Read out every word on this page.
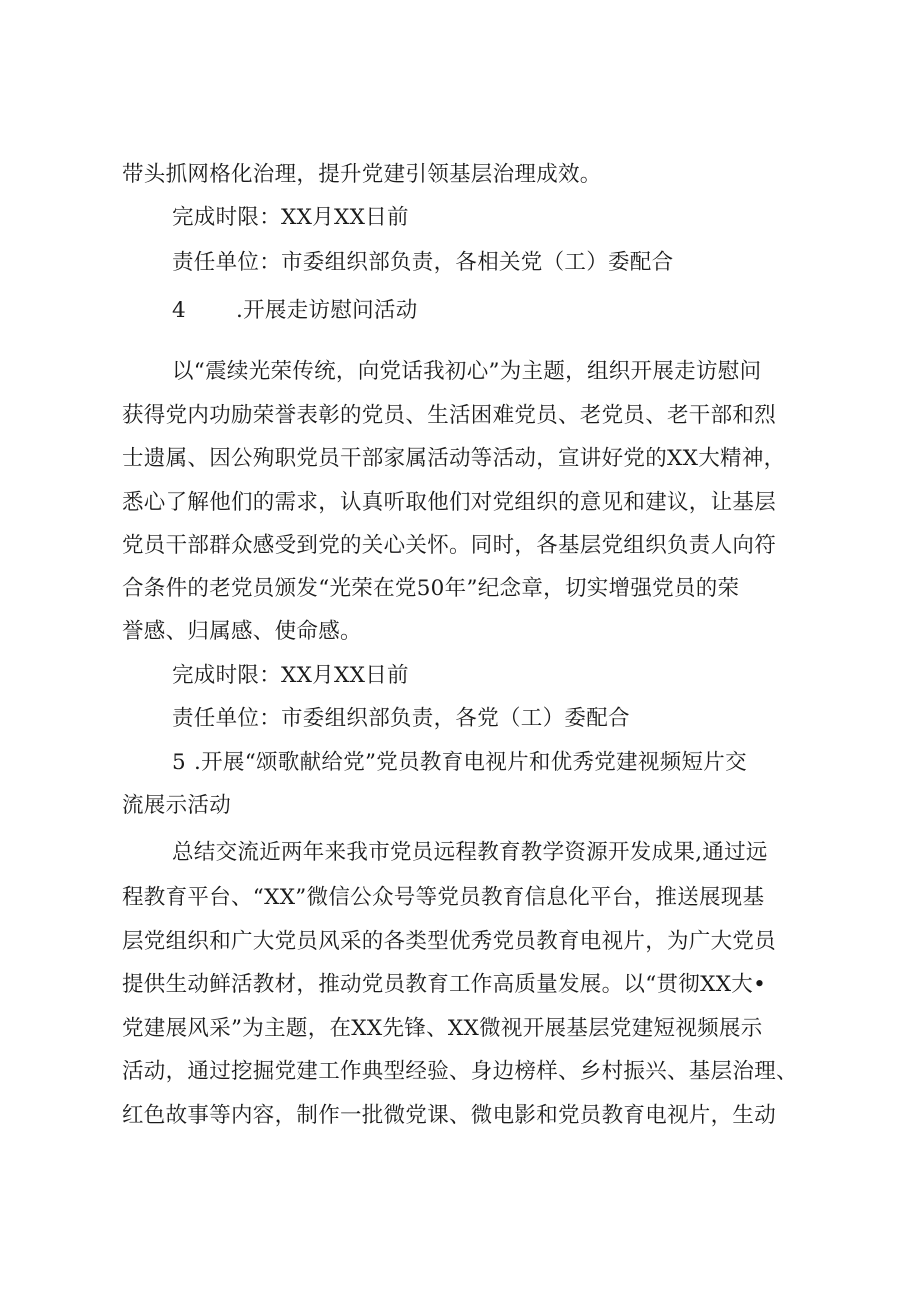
带头抓网格化治理，提升党建引领基层治理成效。
完成时限：XX月XX日前
责任单位：市委组织部负责，各相关党（工）委配合
4 .开展走访慰问活动
以“震续光荣传统，向党话我初心”为主题，组织开展走访慰问
获得党内功励荣誉表彰的党员、生活困难党员、老党员、老干部和烈
士遗属、因公殉职党员干部家属活动等活动，宣讲好党的XX大精神，
悉心了解他们的需求，认真听取他们对党组织的意见和建议，让基层
党员干部群众感受到党的关心关怀。同时，各基层党组织负责人向符
合条件的老党员颁发“光荣在党50年”纪念章，切实增强党员的荣
誉感、归属感、使命感。
完成时限：XX月XX日前
责任单位：市委组织部负责，各党（工）委配合
5 .开展“颂歌献给党”党员教育电视片和优秀党建视频短片交
流展示活动
总结交流近两年来我市党员远程教育教学资源开发成果,通过远
程教育平台、“XX”微信公众号等党员教育信息化平台，推送展现基
层党组织和广大党员风采的各类型优秀党员教育电视片，为广大党员
提供生动鲜活教材，推动党员教育工作高质量发展。以“贯彻XX大•
党建展风采”为主题，在XX先锋、XX微视开展基层党建短视频展示
活动，通过挖掘党建工作典型经验、身边榜样、乡村振兴、基层治理、
红色故事等内容，制作一批微党课、微电影和党员教育电视片，生动
